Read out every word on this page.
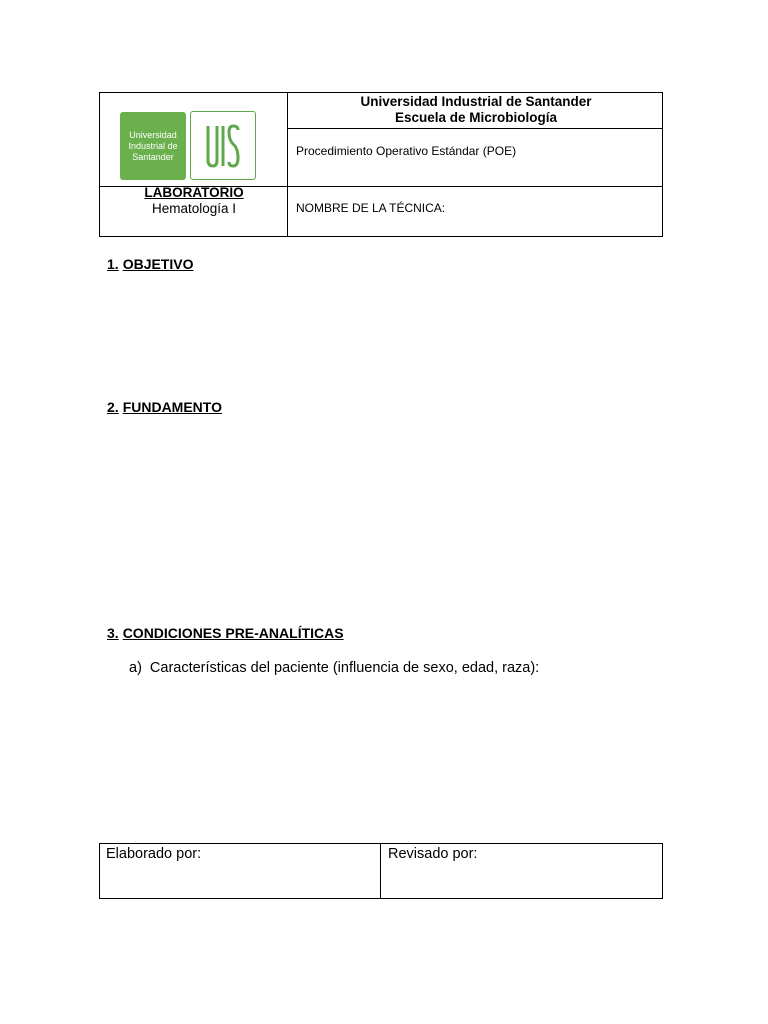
Universidad Industrial de Santander
Universidad Industrial de Santander
Escuela de Microbiología
Procedimiento Operativo Estándar (POE)
LABORATORIO
Hematología I	NOMBRE DE LA TÉCNICA:
1. OBJETIVO
2. FUNDAMENTO
3. CONDICIONES PRE-ANALÍTICAS
a) Características del paciente (influencia de sexo, edad, raza):
Elaborado por:	Revisado por:
